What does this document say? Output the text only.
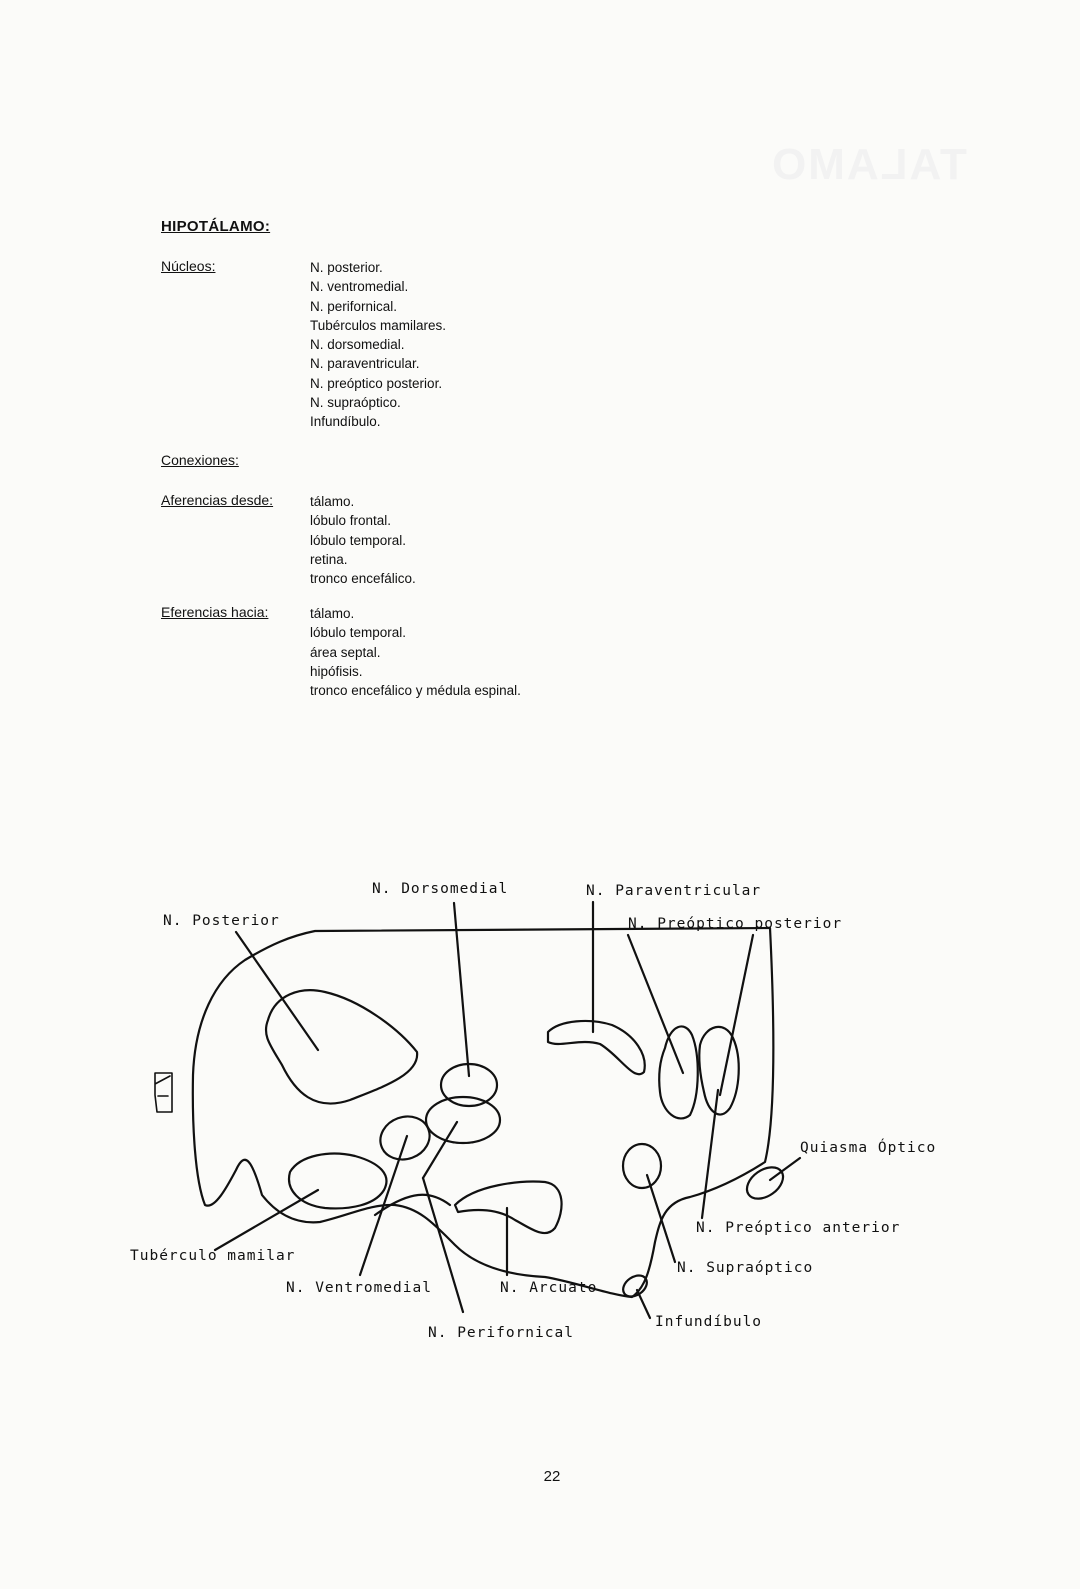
TALAMO
HIPOTÁLAMO:
Núcleos:	N. posterior.
N. ventromedial.
N. perifornical.
Tubérculos mamilares.
N. dorsomedial.
N. paraventricular.
N. preóptico posterior.
N. supraóptico.
Infundíbulo.
Conexiones:
Aferencias desde:	tálamo.
lóbulo frontal.
lóbulo temporal.
retina.
tronco encefálico.
Eferencias hacia:	tálamo.
lóbulo temporal.
área septal.
hipófisis.
tronco encefálico y médula espinal.
N. Dorsomedial	N. Paraventricular
N. Posterior	N. Preóptico posterior
Quiasma Óptico
N. Preóptico anterior
Tubérculo mamilar
N. Supraóptico
N. Ventromedial	N. Arcuato
Infundíbulo
N. Perifornical
22
